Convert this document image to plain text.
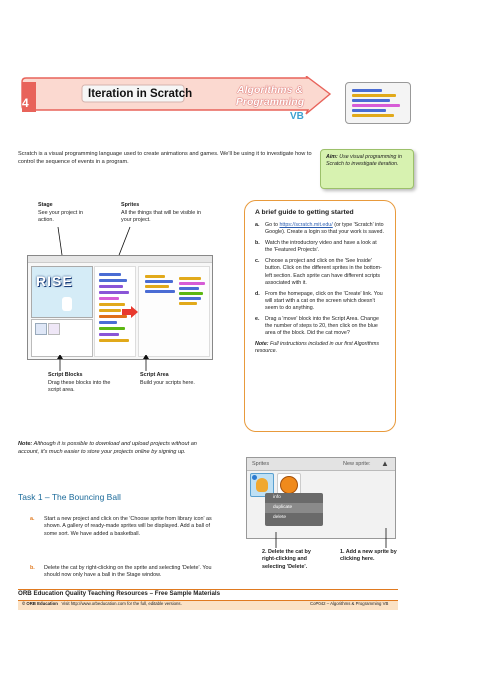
4
Iteration in Scratch	Algorithms &
Programming
VB
Scratch is a visual programming language used to create animations and games. We'll be using it to investigate how to control the sequence of events in a program.
Aim: Use visual programming in Scratch to investigate iteration.
Stage
See your project in action.
Sprites
All the things that will be visible in your project.
RISE
Script Blocks
Drag these blocks into the script area.
Script Area
Build your scripts here.
Note: Although it is possible to download and upload projects without an account, it's much easier to store your projects online by signing up.
A brief guide to getting started
a.	Go to https://scratch.mit.edu/ (or type 'Scratch' into Google). Create a login so that your work is saved.
b. Watch the introductory video and have a look at the 'Featured Projects'.
c.	Choose a project and click on the 'See Inside' button. Click on the different sprites in the bottom-left section. Each sprite can have different scripts associated with it.
d. From the homepage, click on the 'Create' link. You will start with a cat on the screen which doesn't seem to do anything.
e.	Drag a 'move' block into the Script Area. Change the number of steps to 20, then click on the blue area of the block. Did the cat move?
Note: Full instructions included in our first Algorithms resource.
Task 1 – The Bouncing Ball
a.	Start a new project and click on the 'Choose sprite from library icon' as shown. A gallery of ready-made sprites will be displayed. Add a ball of some sort. We have added a basketball.
b.	Delete the cat by right-clicking on the sprite and selecting 'Delete'. You should now only have a ball in the Stage window.
Sprites	New sprite: ▲
info
duplicate
delete
2. Delete the cat by right-clicking and selecting 'Delete'.
1. Add a new sprite by clicking here.
ORB Education Quality Teaching Resources – Free Sample Materials
© ORB Education Visit http://www.orbeducation.com for the full, editable versions.	CoP042 – Algorithms & Programming VB
